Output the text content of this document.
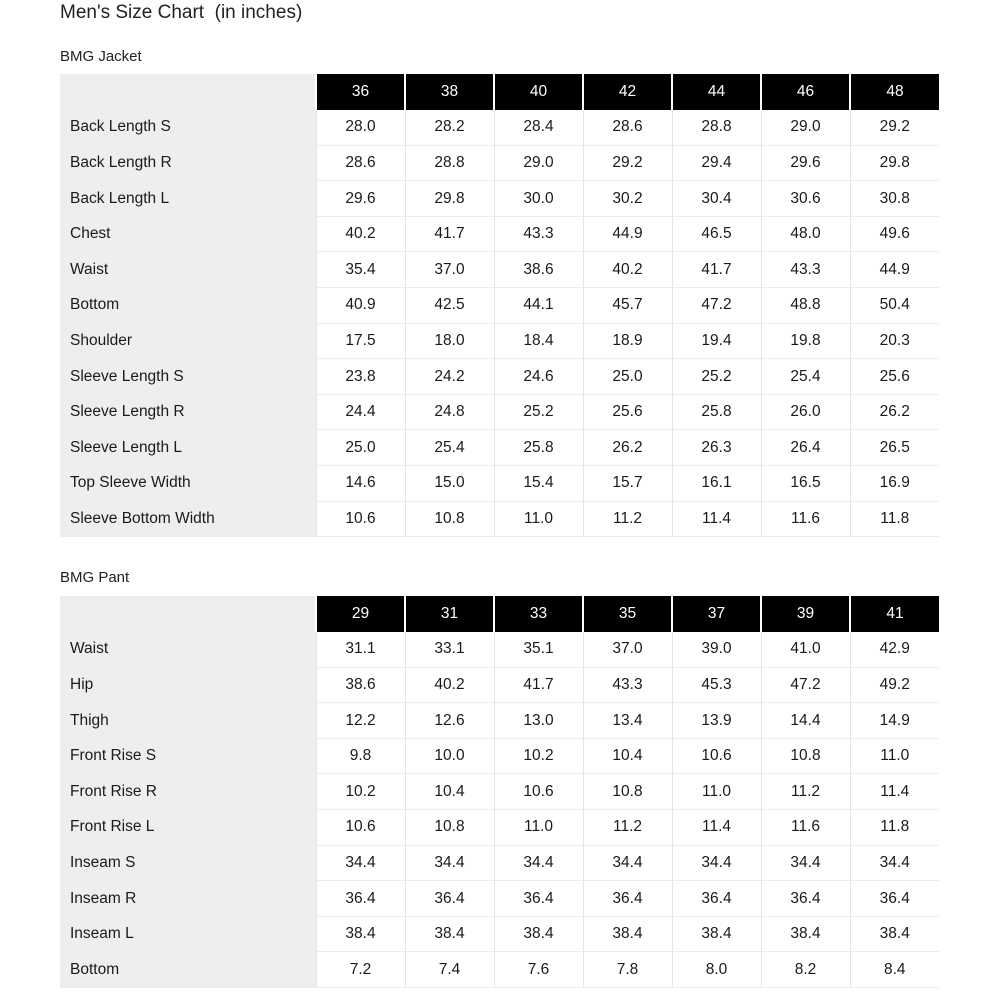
Men's Size Chart  (in inches)
BMG Jacket
	36	38	40	42	44	46	48
Back Length S	28.0	28.2	28.4	28.6	28.8	29.0	29.2
Back Length R	28.6	28.8	29.0	29.2	29.4	29.6	29.8
Back Length L	29.6	29.8	30.0	30.2	30.4	30.6	30.8
Chest	40.2	41.7	43.3	44.9	46.5	48.0	49.6
Waist	35.4	37.0	38.6	40.2	41.7	43.3	44.9
Bottom	40.9	42.5	44.1	45.7	47.2	48.8	50.4
Shoulder	17.5	18.0	18.4	18.9	19.4	19.8	20.3
Sleeve Length S	23.8	24.2	24.6	25.0	25.2	25.4	25.6
Sleeve Length R	24.4	24.8	25.2	25.6	25.8	26.0	26.2
Sleeve Length L	25.0	25.4	25.8	26.2	26.3	26.4	26.5
Top Sleeve Width	14.6	15.0	15.4	15.7	16.1	16.5	16.9
Sleeve Bottom Width	10.6	10.8	11.0	11.2	11.4	11.6	11.8
BMG Pant
	29	31	33	35	37	39	41
Waist	31.1	33.1	35.1	37.0	39.0	41.0	42.9
Hip	38.6	40.2	41.7	43.3	45.3	47.2	49.2
Thigh	12.2	12.6	13.0	13.4	13.9	14.4	14.9
Front Rise S	9.8	10.0	10.2	10.4	10.6	10.8	11.0
Front Rise R	10.2	10.4	10.6	10.8	11.0	11.2	11.4
Front Rise L	10.6	10.8	11.0	11.2	11.4	11.6	11.8
Inseam S	34.4	34.4	34.4	34.4	34.4	34.4	34.4
Inseam R	36.4	36.4	36.4	36.4	36.4	36.4	36.4
Inseam L	38.4	38.4	38.4	38.4	38.4	38.4	38.4
Bottom	7.2	7.4	7.6	7.8	8.0	8.2	8.4
